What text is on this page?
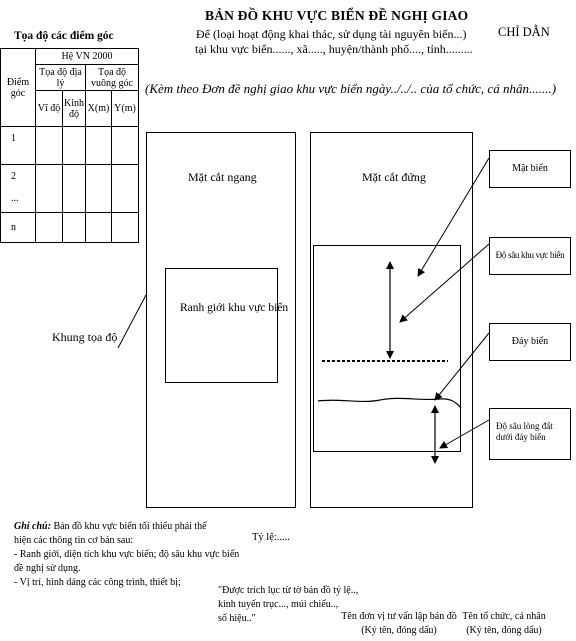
BẢN ĐỒ KHU VỰC BIỂN ĐỀ NGHỊ GIAO
Để (loại hoạt động khai thác, sử dụng tài nguyên biển...)
tại khu vực biển......, xã....., huyện/thành phố...., tỉnh.........
(Kèm theo Đơn đề nghị giao khu vực biển ngày../../.. của tổ chức, cá nhân.......)
CHỈ DẪN
Tọa độ các điểm góc
Điểm góc	Hệ VN 2000			
	Tọa độ địa lý		Tọa độ vuông góc	
	Vĩ độ	Kinh độ	X(m)	Y(m)
1				
2

...				
n				
Mặt cắt ngang
Ranh giới khu vực biển
Khung tọa độ
Mặt cắt đứng
Mặt biển
Độ sâu khu vực biển
Đáy biển
Độ sâu lòng đất dưới đáy biển
Ghi chú: Bản đồ khu vực biển tối thiểu phải thể
hiện các thông tin cơ bản sau:
- Ranh giới, diện tích khu vực biển; độ sâu khu vực biển
đề nghị sử dụng.
- Vị trí, hình dáng các công trình, thiết bị;
Tỷ lệ:.....
"Được trích lục từ tờ bản đồ tỷ lệ..,
kinh tuyến trục..., múi chiếu..,
số hiệu.."	Tên đơn vị tư vấn lập bản đồ
(Ký tên, đóng dấu)
Tên tổ chức, cá nhân
(Ký tên, đóng dấu)
